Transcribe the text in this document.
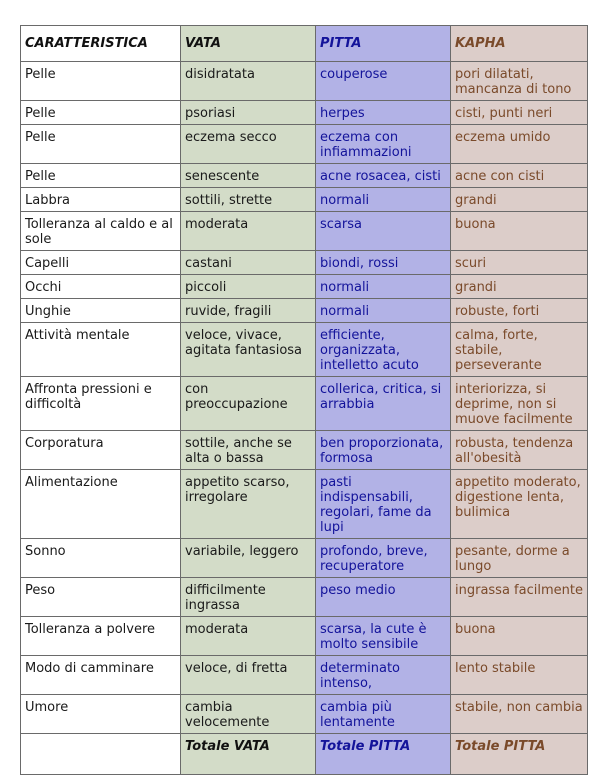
CARATTERISTICA	VATA	PITTA	KAPHA
Pelle	disidratata	couperose	pori dilatati, mancanza di tono
Pelle	psoriasi	herpes	cisti, punti neri
Pelle	eczema secco	eczema con infiammazioni	eczema umido
Pelle	senescente	acne rosacea, cisti	acne con cisti
Labbra	sottili, strette	normali	grandi
Tolleranza al caldo e al sole	moderata	scarsa	buona
Capelli	castani	biondi, rossi	scuri
Occhi	piccoli	normali	grandi
Unghie	ruvide, fragili	normali	robuste, forti
Attività mentale	veloce, vivace, agitata fantasiosa	efficiente, organizzata, intelletto acuto	calma, forte, stabile, perseverante
Affronta pressioni e difficoltà	con preoccupazione	collerica, critica, si arrabbia	interiorizza, si deprime, non si muove facilmente
Corporatura	sottile, anche se alta o bassa	ben proporzionata, formosa	robusta, tendenza all'obesità
Alimentazione	appetito scarso, irregolare	pasti indispensabili, regolari, fame da lupi	appetito moderato, digestione lenta, bulimica
Sonno	variabile, leggero	profondo, breve, recuperatore	pesante, dorme a lungo
Peso	difficilmente ingrassa	peso medio	ingrassa facilmente
Tolleranza a polvere	moderata	scarsa, la cute è molto sensibile	buona
Modo di camminare	veloce, di fretta	determinato intenso,	lento stabile
Umore	cambia velocemente	cambia più lentamente	stabile, non cambia
	Totale VATA	Totale PITTA	Totale PITTA
